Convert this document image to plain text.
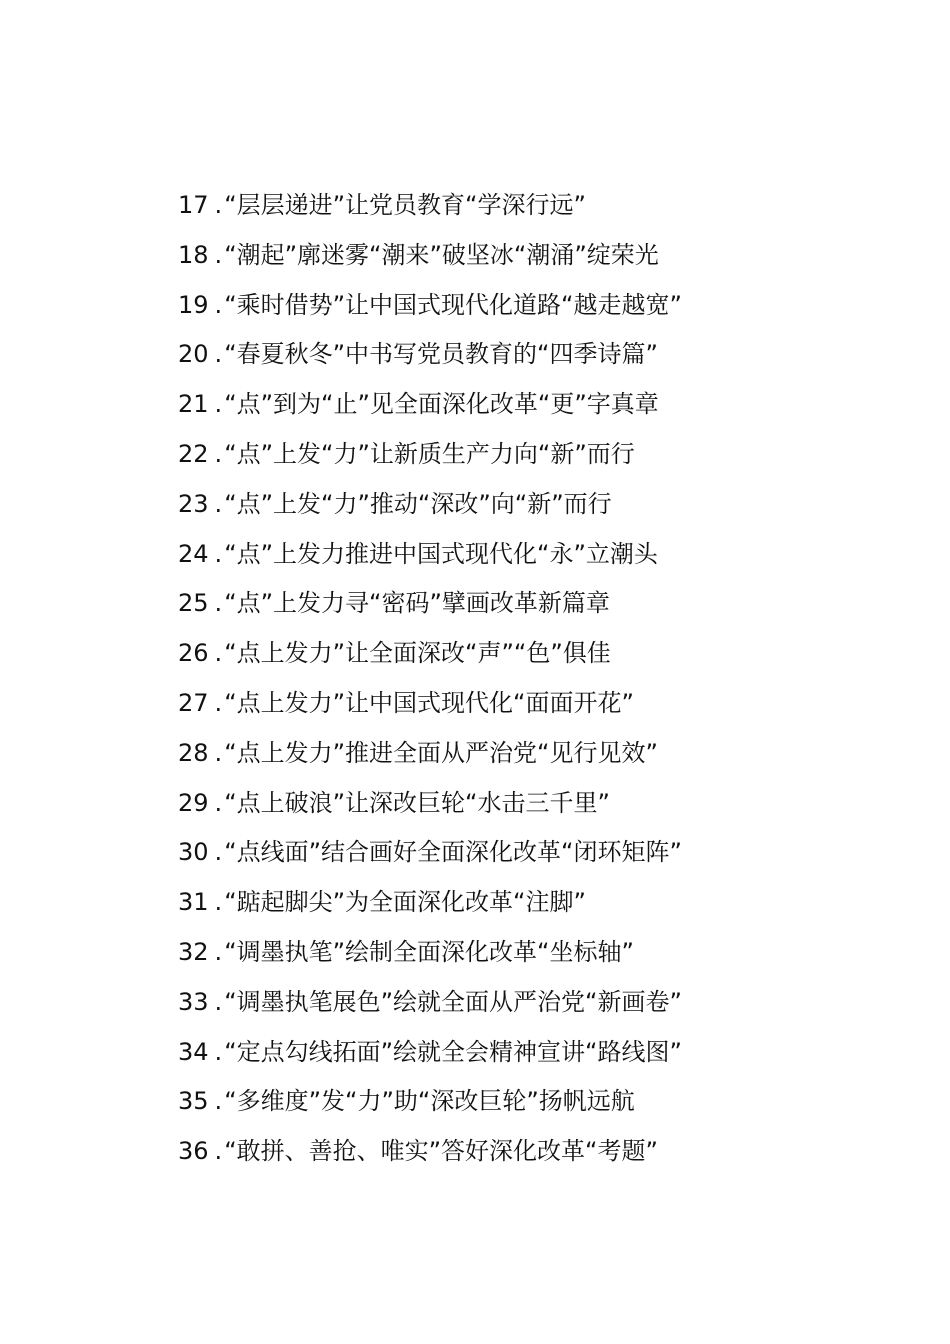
17 .“层层递进”让党员教育“学深行远”
18 .“潮起”廓迷雾“潮来”破坚冰“潮涌”绽荣光
19 .“乘时借势”让中国式现代化道路“越走越宽”
20 .“春夏秋冬”中书写党员教育的“四季诗篇”
21 .“点”到为“止”见全面深化改革“更”字真章
22 .“点”上发“力”让新质生产力向“新”而行
23 .“点”上发“力”推动“深改”向“新”而行
24 .“点”上发力推进中国式现代化“永”立潮头
25 .“点”上发力寻“密码”擘画改革新篇章
26 .“点上发力”让全面深改“声”“色”俱佳
27 .“点上发力”让中国式现代化“面面开花”
28 .“点上发力”推进全面从严治党“见行见效”
29 .“点上破浪”让深改巨轮“水击三千里”
30 .“点线面”结合画好全面深化改革“闭环矩阵”
31 .“踮起脚尖”为全面深化改革“注脚”
32 .“调墨执笔”绘制全面深化改革“坐标轴”
33 .“调墨执笔展色”绘就全面从严治党“新画卷”
34 .“定点勾线拓面”绘就全会精神宣讲“路线图”
35 .“多维度”发“力”助“深改巨轮”扬帆远航
36 .“敢拼、善抢、唯实”答好深化改革“考题”
